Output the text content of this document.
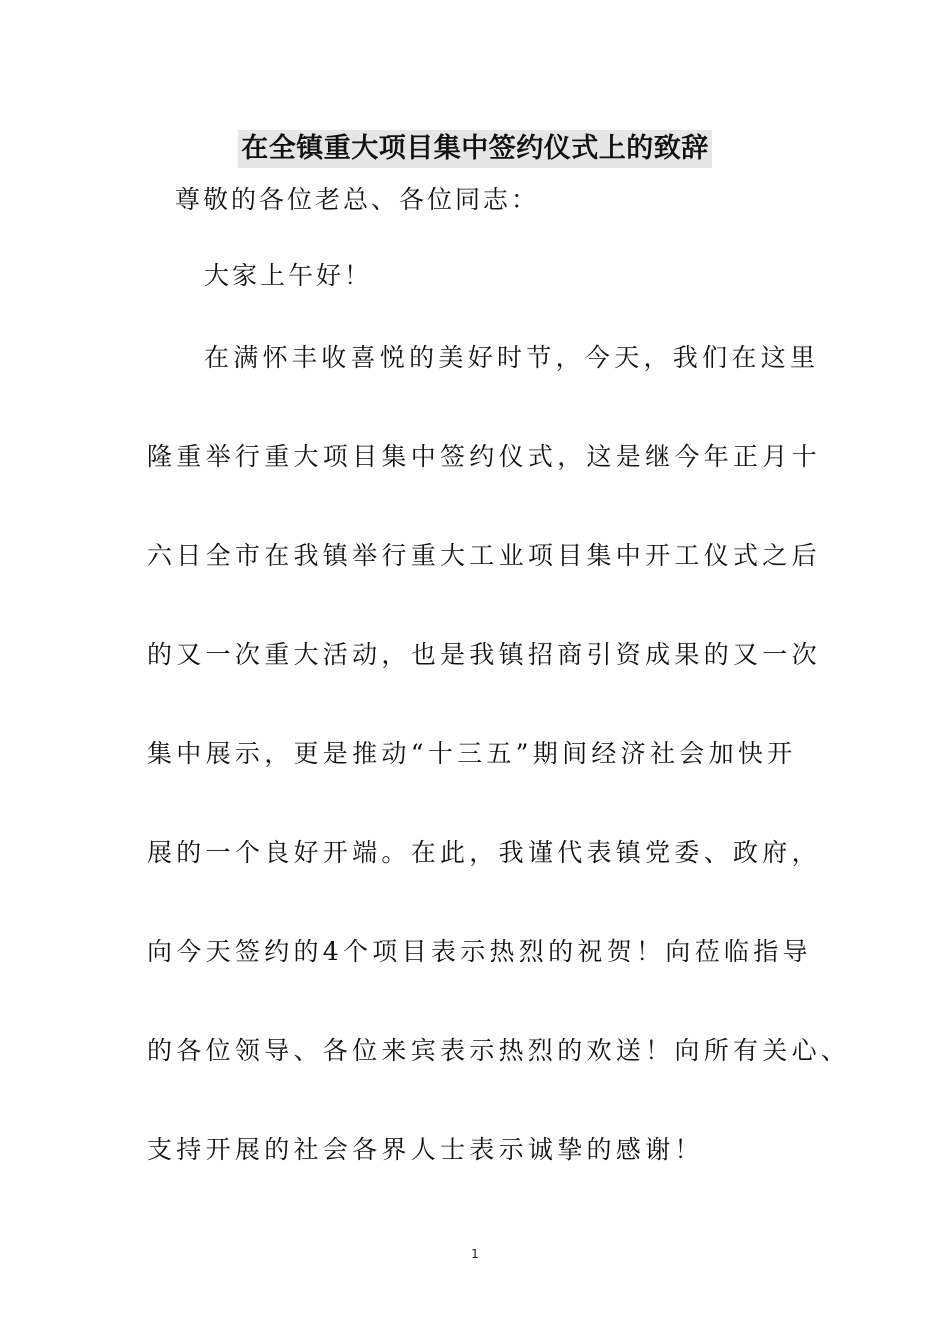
在全镇重大项目集中签约仪式上的致辞
尊敬的各位老总、各位同志：
大家上午好！
在满怀丰收喜悦的美好时节，今天，我们在这里
隆重举行重大项目集中签约仪式，这是继今年正月十
六日全市在我镇举行重大工业项目集中开工仪式之后
的又一次重大活动，也是我镇招商引资成果的又一次
集中展示，更是推动“十三五”期间经济社会加快开
展的一个良好开端。在此，我谨代表镇党委、政府，
向今天签约的4个项目表示热烈的祝贺！向莅临指导
的各位领导、各位来宾表示热烈的欢送！向所有关心、
支持开展的社会各界人士表示诚挚的感谢！
1
